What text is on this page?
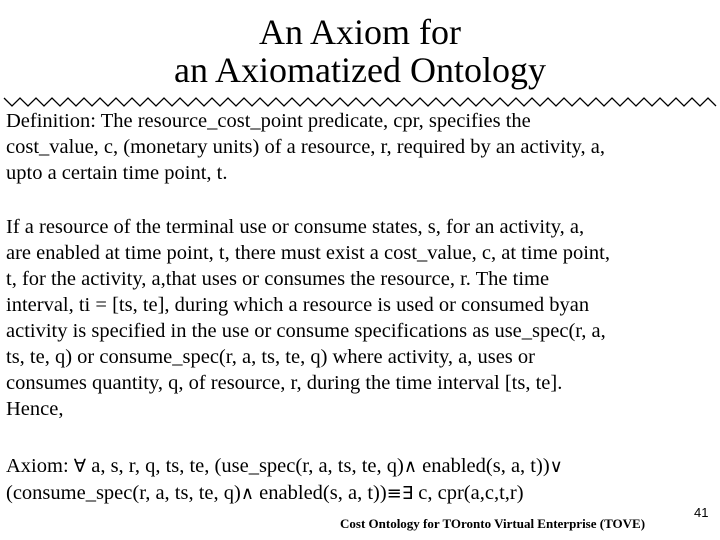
An Axiom for
an Axiomatized Ontology
Definition: The resource_cost_point predicate, cpr, specifies the
cost_value, c, (monetary units) of a resource, r, required by an activity, a,
upto a certain time point, t.
If a resource of the terminal use or consume states, s, for an activity, a,
are enabled at time point, t, there must exist a cost_value, c, at time point,
t, for the activity, a,that uses or consumes the resource, r. The time
interval, ti = [ts, te], during which a resource is used or consumed byan
activity is specified in the use or consume specifications as use_spec(r, a,
ts, te, q) or consume_spec(r, a, ts, te, q) where activity, a, uses or
consumes quantity, q, of resource, r, during the time interval [ts, te].
Hence,
Axiom: ∀ a, s, r, q, ts, te, (use_spec(r, a, ts, te, q)∧ enabled(s, a, t))∨
(consume_spec(r, a, ts, te, q)∧ enabled(s, a, t))≡∃ c, cpr(a,c,t,r)
Cost Ontology for TOronto Virtual Enterprise (TOVE)
41
